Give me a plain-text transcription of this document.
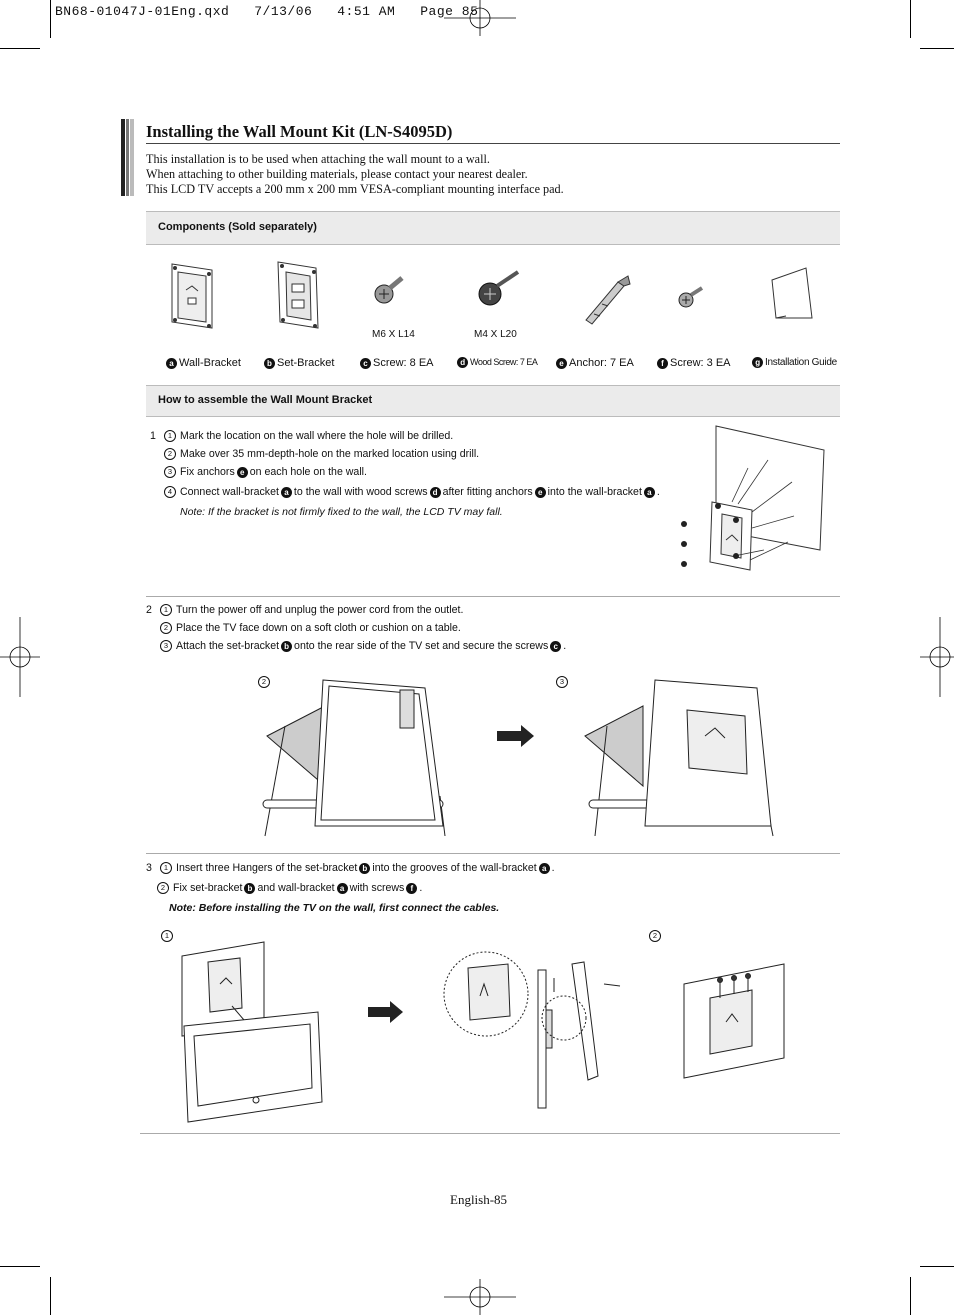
BN68-01047J-01Eng.qxd   7/13/06   4:51 AM   Page 85
Installing the Wall Mount Kit (LN-S4095D)
This installation is to be used when attaching the wall mount to a wall.
When attaching to other building materials, please contact your nearest dealer.
This LCD TV accepts a 200 mm x 200 mm VESA-compliant mounting interface pad.
Components (Sold separately)
M6 X L14	M4 X L20
a Wall-Bracket	b Set-Bracket	c Screw: 8 EA	d Wood Screw: 7 EA	e Anchor: 7 EA	f Screw: 3 EA	g Installation Guide
How to assemble the Wall Mount Bracket
1	1 Mark the location on the wall where the hole will be drilled.
2 Make over 35 mm-depth-hole on the marked location using drill.
3 Fix anchors e on each hole on the wall.
4 Connect wall-bracket a to the wall with wood screws d after fitting anchors e into the wall-bracket a .
Note: If the bracket is not firmly fixed to the wall, the LCD TV may fall.
2	1 Turn the power off and unplug the power cord from the outlet.
2 Place the TV face down on a soft cloth or cushion on a table.
3 Attach the set-bracket b onto the rear side of the TV set and secure the screws c .
2	3
3	1 Insert three Hangers of the set-bracket b into the grooves of the wall-bracket a .
2 Fix set-bracket b and wall-bracket a with screws f .
Note: Before installing the TV on the wall, first connect the cables.
1	2
English-85
